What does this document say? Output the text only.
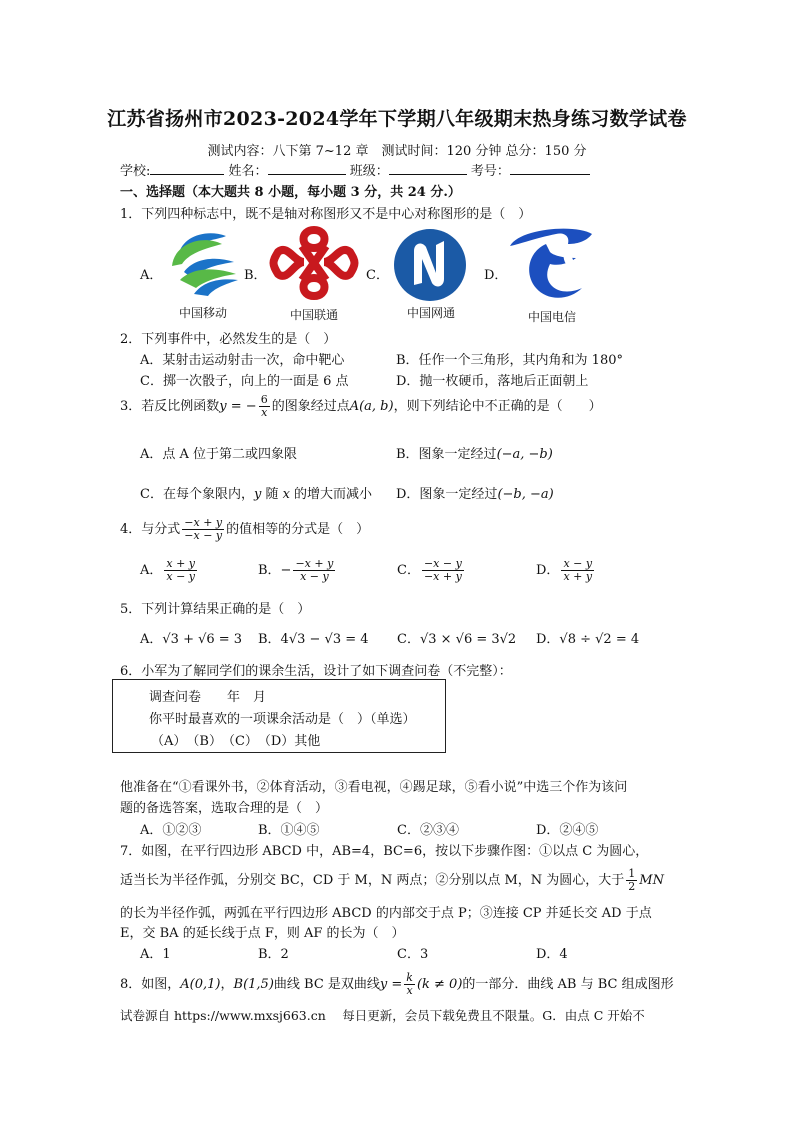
江苏省扬州市2023-2024学年下学期八年级期末热身练习数学试卷
测试内容：八下第 7~12 章　测试时间：120 分钟 总分：150 分
学校:	姓名：	班级：	考号：
一、选择题（本大题共 8 小题，每小题 3 分，共 24 分.）
1．下列四种标志中，既不是轴对称图形又不是中心对称图形的是（　）
A．
中国移动
B．
中国联通
C．
中国网通
D．
中国电信
2．下列事件中，必然发生的是（　）
A．某射击运动射击一次，命中靶心	B．任作一个三角形，其内角和为 180°
C．掷一次骰子，向上的一面是 6 点	D．抛一枚硬币，落地后正面朝上
3．若反比例函数y = − $\frac{6}{x}$ 的图象经过点A(a, b)，则下列结论中不正确的是（　　）
A．点 A 位于第二或四象限	B．图象一定经过(−a, −b)
C．在每个象限内，y 随 x 的增大而减小 D．图象一定经过(−b, −a)
4．与分式 $\frac{-x + y}{-x - y}$ 的值相等的分式是（　）
A． $\frac{x + y}{x - y}$	B．− $\frac{-x + y}{x - y}$	C． $\frac{-x - y}{-x + y}$	D． $\frac{x - y}{x + y}$
5．下列计算结果正确的是（　）
A．√3 + √6 = 3 B．4√3 − √3 = 4 C．√3 × √6 = 3√2 D．√8 ÷ √2 = 4
6．小军为了解同学们的课余生活，设计了如下调查问卷（不完整）：
调查问卷　　年　月
你平时最喜欢的一项课余活动是（　）（单选）
（A）　（B）　（C）　（D）其他
他准备在“①看课外书，②体育活动，③看电视，④踢足球，⑤看小说”中选三个作为该问
题的备选答案，选取合理的是（　）
A．①②③	B．①④⑤	C．②③④	D．②④⑤
7．如图，在平行四边形 ABCD 中，AB=4，BC=6，按以下步骤作图：①以点 C 为圆心，
适当长为半径作弧，分别交 BC，CD 于 M，N 两点；②分别以点 M，N 为圆心，大于 $\frac{1}{2}$ MN
的长为半径作弧，两弧在平行四边形 ABCD 的内部交于点 P；③连接 CP 并延长交 AD 于点
E，交 BA 的延长线于点 F，则 AF 的长为（　）
A．1	B．2	C．3	D．4
8．如图，A(0,1)，B(1,5)曲线 BC 是双曲线$y = \frac{k}{x} (k \ne 0)$的一部分．曲线 AB 与 BC 组成图形
试卷源自 https://www.mxsj663.cn　 每日更新，会员下载免费且不限量。G．由点 C 开始不
